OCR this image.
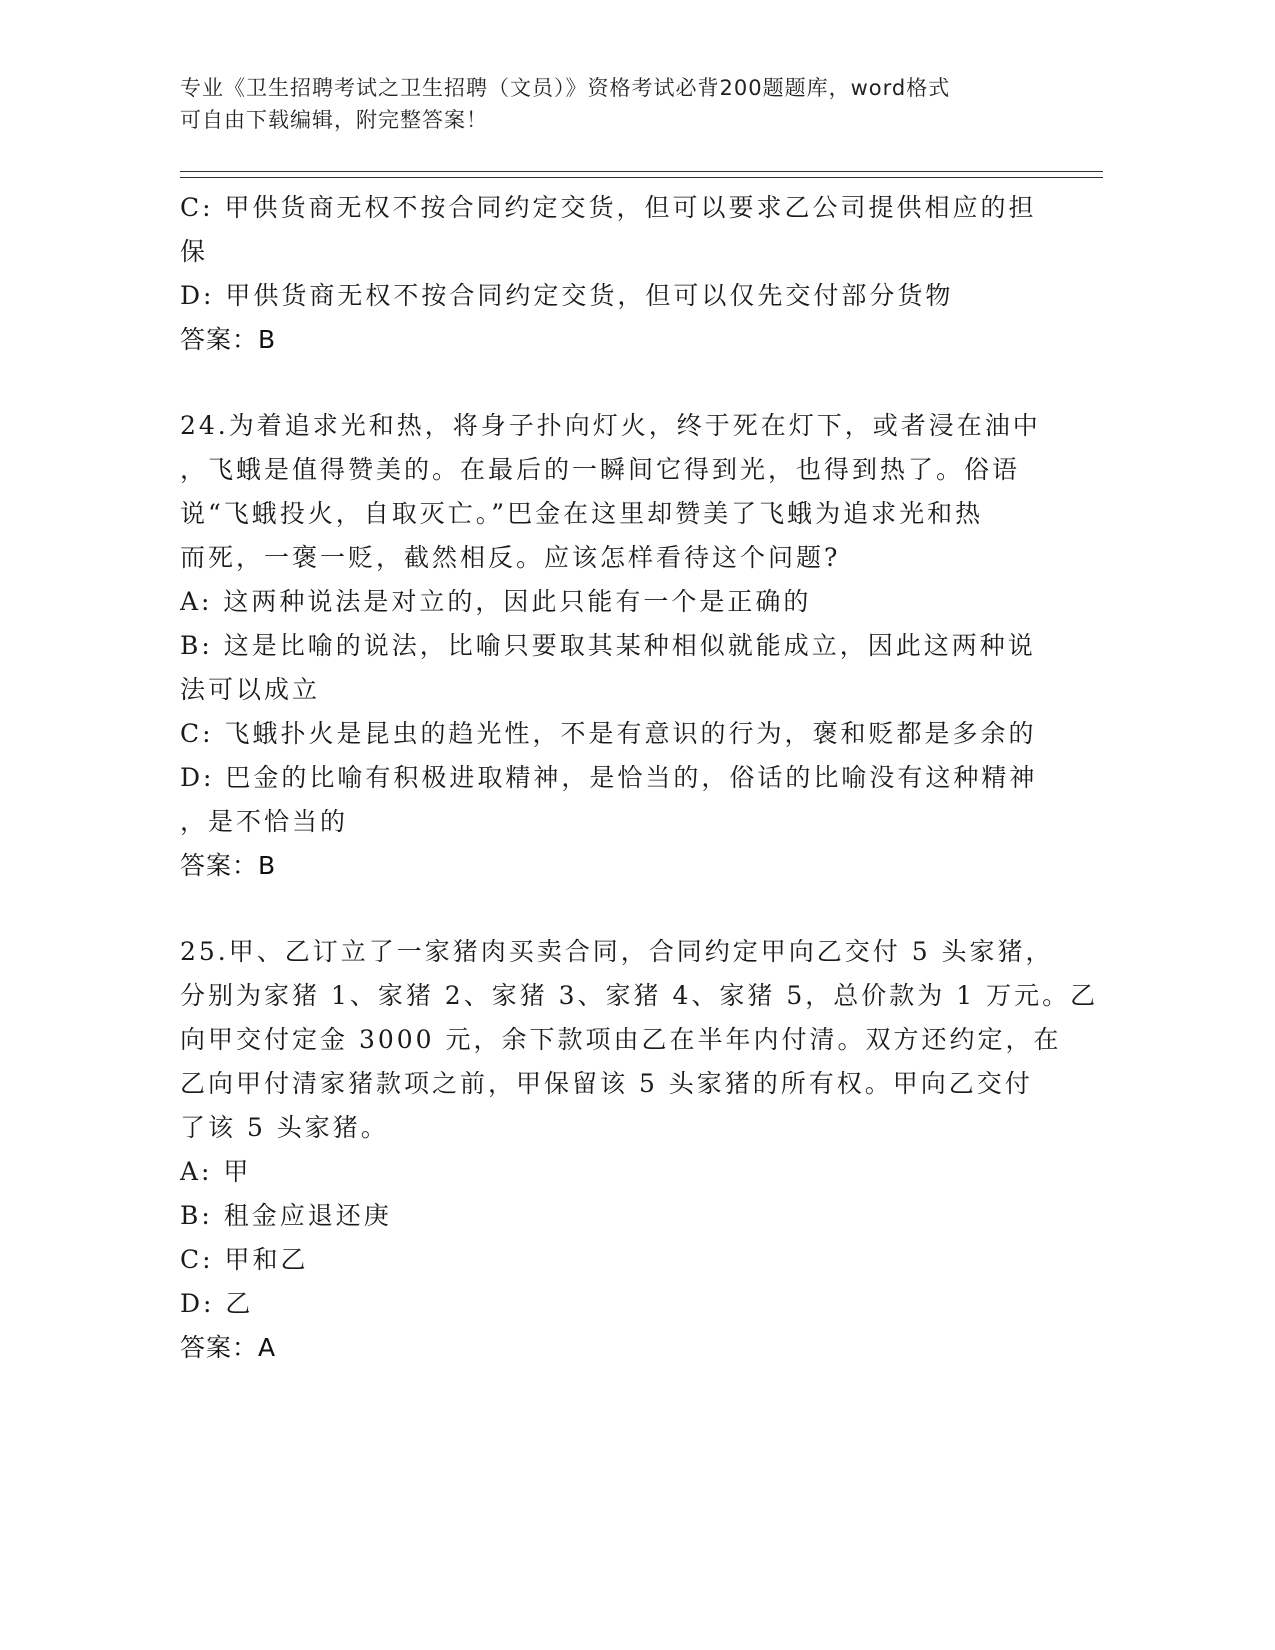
专业《卫生招聘考试之卫生招聘（文员）》资格考试必背200题题库，word格式
可自由下载编辑，附完整答案！
C: 甲供货商无权不按合同约定交货，但可以要求乙公司提供相应的担
保
D: 甲供货商无权不按合同约定交货，但可以仅先交付部分货物
答案：B
24.为着追求光和热，将身子扑向灯火，终于死在灯下，或者浸在油中
，飞蛾是值得赞美的。在最后的一瞬间它得到光，也得到热了。俗语
说“飞蛾投火，自取灭亡。”巴金在这里却赞美了飞蛾为追求光和热
而死，一褒一贬，截然相反。应该怎样看待这个问题?
A: 这两种说法是对立的，因此只能有一个是正确的
B: 这是比喻的说法，比喻只要取其某种相似就能成立，因此这两种说
法可以成立
C: 飞蛾扑火是昆虫的趋光性，不是有意识的行为，褒和贬都是多余的
D: 巴金的比喻有积极进取精神，是恰当的，俗话的比喻没有这种精神
，是不恰当的
答案：B
25.甲、乙订立了一家猪肉买卖合同，合同约定甲向乙交付 5 头家猪，
分别为家猪 1、家猪 2、家猪 3、家猪 4、家猪 5，总价款为 1 万元。乙
向甲交付定金 3000 元，余下款项由乙在半年内付清。双方还约定，在
乙向甲付清家猪款项之前，甲保留该 5 头家猪的所有权。甲向乙交付
了该 5 头家猪。
A: 甲
B: 租金应退还庚
C: 甲和乙
D: 乙
答案：A
